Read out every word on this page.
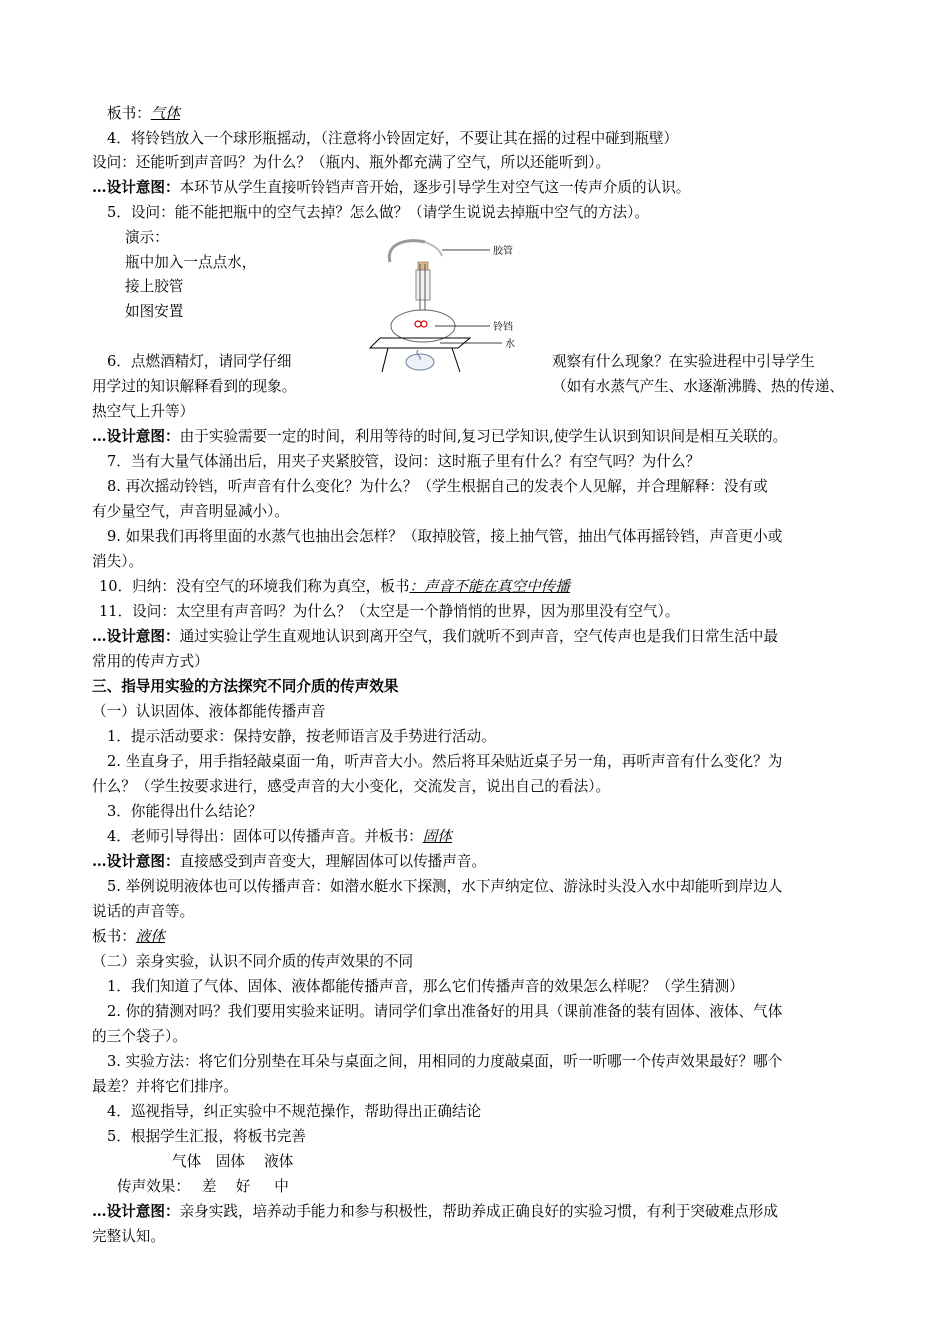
板书：气体
4．将铃铛放入一个球形瓶摇动，（注意将小铃固定好，不要让其在摇的过程中碰到瓶壁）
设问：还能听到声音吗？为什么？（瓶内、瓶外都充满了空气，所以还能听到）。
…设计意图：本环节从学生直接听铃铛声音开始，逐步引导学生对空气这一传声介质的认识。
5．设问：能不能把瓶中的空气去掉？怎么做？（请学生说说去掉瓶中空气的方法）。
演示：
瓶中加入一点点水，
接上胶管
如图安置
胶管
铃铛
水
6．点燃酒精灯，请同学仔细	观察有什么现象？在实验进程中引导学生
用学过的知识解释看到的现象。	（如有水蒸气产生、水逐渐沸腾、热的传递、
热空气上升等）
…设计意图：由于实验需要一定的时间，利用等待的时间,复习已学知识,使学生认识到知识间是相互关联的。
7．当有大量气体涌出后，用夹子夹紧胶管，设问：这时瓶子里有什么？有空气吗？为什么？
8. 再次摇动铃铛，听声音有什么变化？为什么？（学生根据自己的发表个人见解，并合理解释：没有或
有少量空气，声音明显减小）。
9. 如果我们再将里面的水蒸气也抽出会怎样？（取掉胶管，接上抽气管，抽出气体再摇铃铛，声音更小或
消失）。
10．归纳：没有空气的环境我们称为真空，板书：声音不能在真空中传播
11．设问：太空里有声音吗？为什么？（太空是一个静悄悄的世界，因为那里没有空气）。
…设计意图：通过实验让学生直观地认识到离开空气，我们就听不到声音，空气传声也是我们日常生活中最
常用的传声方式）
三、指导用实验的方法探究不同介质的传声效果
（一）认识固体、液体都能传播声音
1．提示活动要求：保持安静，按老师语言及手势进行活动。
2. 坐直身子，用手指轻敲桌面一角，听声音大小。然后将耳朵贴近桌子另一角，再听声音有什么变化？为
什么？（学生按要求进行，感受声音的大小变化，交流发言，说出自己的看法）。
3．你能得出什么结论？
4．老师引导得出：固体可以传播声音。并板书：固体
…设计意图：直接感受到声音变大，理解固体可以传播声音。
5. 举例说明液体也可以传播声音：如潜水艇水下探测，水下声纳定位、游泳时头没入水中却能听到岸边人
说话的声音等。
板书：液体
（二）亲身实验，认识不同介质的传声效果的不同
1．我们知道了气体、固体、液体都能传播声音，那么它们传播声音的效果怎么样呢？（学生猜测）
2. 你的猜测对吗？我们要用实验来证明。请同学们拿出准备好的用具（课前准备的装有固体、液体、气体
的三个袋子）。
3. 实验方法：将它们分别垫在耳朵与桌面之间，用相同的力度敲桌面，听一听哪一个传声效果最好？哪个
最差？并将它们排序。
4．巡视指导，纠正实验中不规范操作，帮助得出正确结论
5．根据学生汇报，将板书完善
气体　固体　 液体
传声效果：　 差　 好 　 中
…设计意图：亲身实践，培养动手能力和参与积极性，帮助养成正确良好的实验习惯，有利于突破难点形成
完整认知。
